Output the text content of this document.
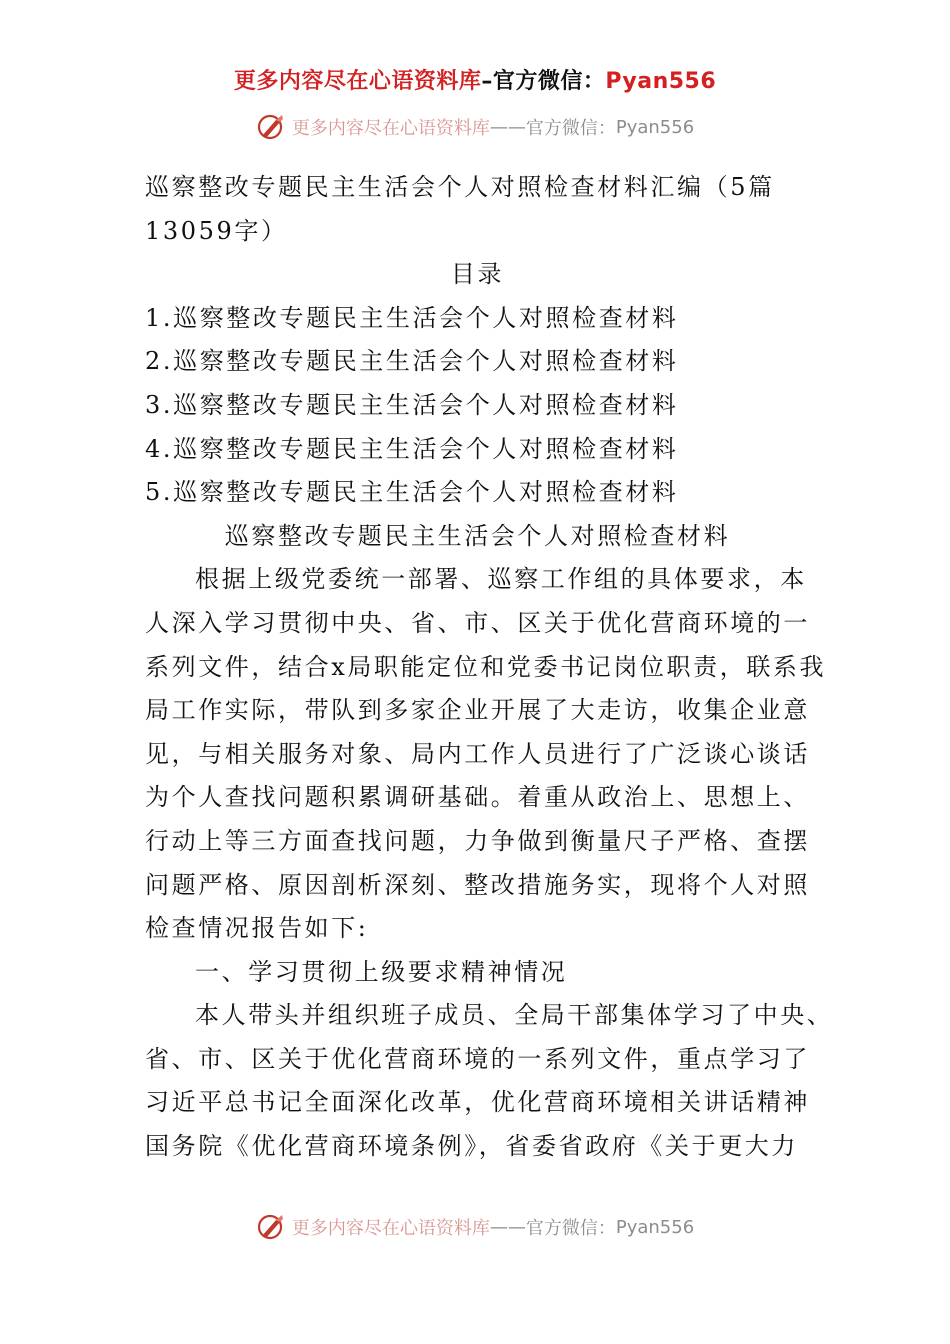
更多内容尽在心语资料库–官方微信：Pyan556
更多内容尽在心语资料库 —— 官方微信： Pyan556
巡察整改专题民主生活会个人对照检查材料汇编（5篇
13059字）
目录
1.巡察整改专题民主生活会个人对照检查材料
2.巡察整改专题民主生活会个人对照检查材料
3.巡察整改专题民主生活会个人对照检查材料
4.巡察整改专题民主生活会个人对照检查材料
5.巡察整改专题民主生活会个人对照检查材料
巡察整改专题民主生活会个人对照检查材料
根据上级党委统一部署、巡察工作组的具体要求，本
人深入学习贯彻中央、省、市、区关于优化营商环境的一
系列文件，结合x局职能定位和党委书记岗位职责，联系我
局工作实际，带队到多家企业开展了大走访，收集企业意
见，与相关服务对象、局内工作人员进行了广泛谈心谈话
为个人查找问题积累调研基础。着重从政治上、思想上、
行动上等三方面查找问题，力争做到衡量尺子严格、查摆
问题严格、原因剖析深刻、整改措施务实，现将个人对照
检查情况报告如下:
一、学习贯彻上级要求精神情况
本人带头并组织班子成员、全局干部集体学习了中央、
省、市、区关于优化营商环境的一系列文件，重点学习了
习近平总书记全面深化改革，优化营商环境相关讲话精神
国务院《优化营商环境条例》，省委省政府《关于更大力
更多内容尽在心语资料库 —— 官方微信： Pyan556
